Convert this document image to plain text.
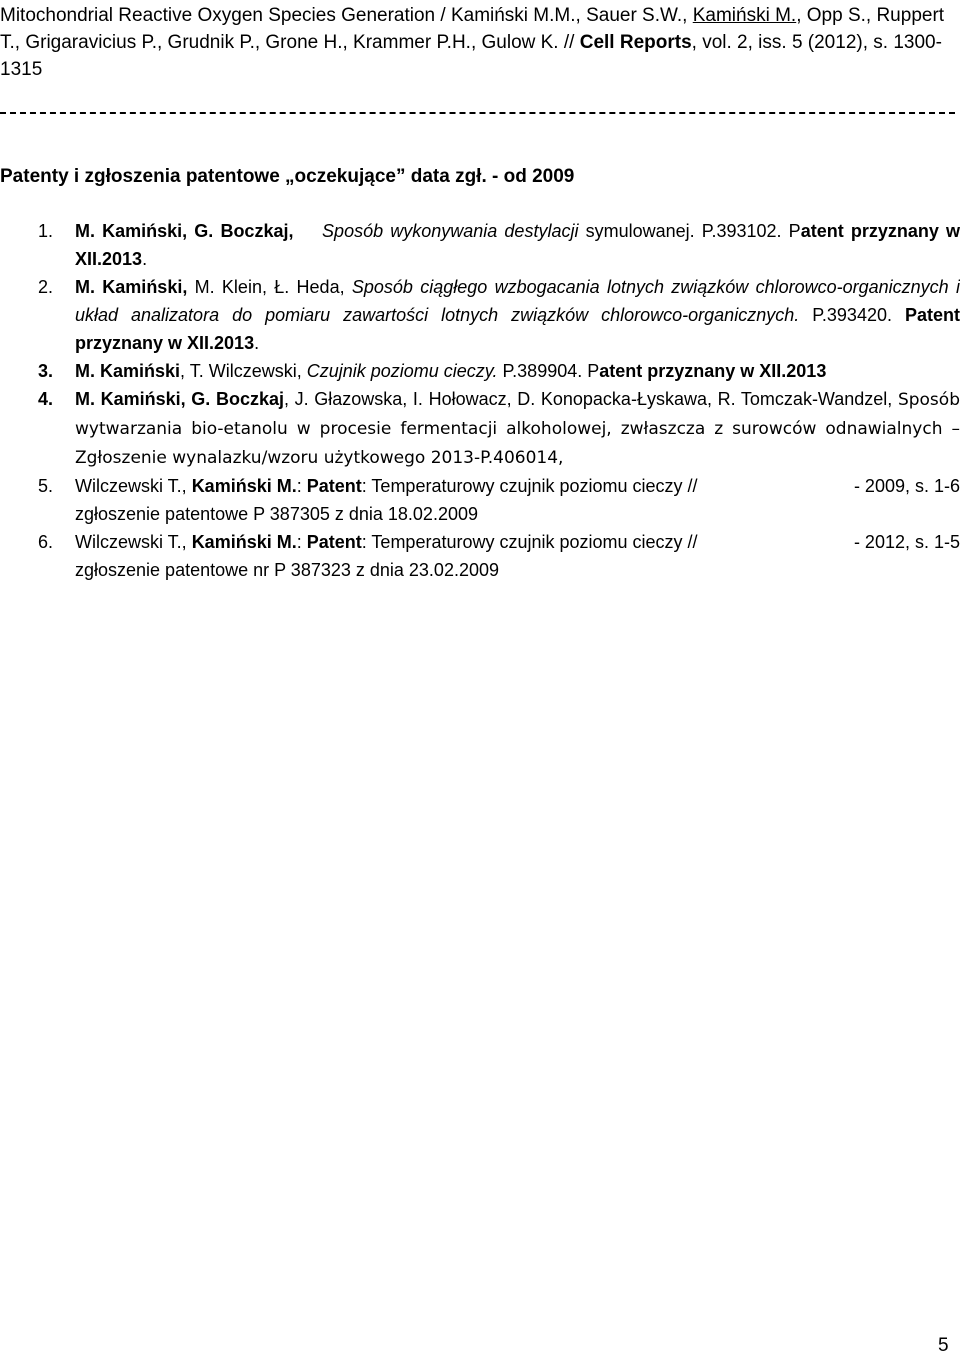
Mitochondrial Reactive Oxygen Species Generation / Kamiński M.M., Sauer S.W., Kamiński M., Opp S., Ruppert T., Grigaravicius P., Grudnik P., Grone H., Krammer P.H., Gulow K. // Cell Reports, vol. 2, iss. 5 (2012), s. 1300-1315
Patenty i zgłoszenia patentowe „oczekujące” data zgł. - od 2009
1. M. Kamiński, G. Boczkaj, Sposób wykonywania destylacji symulowanej. P.393102. Patent przyznany w XII.2013.
2. M. Kamiński, M. Klein, Ł. Heda, Sposób ciągłego wzbogacania lotnych związków chlorowco-organicznych i układ analizatora do pomiaru zawartości lotnych związków chlorowco-organicznych. P.393420. Patent przyznany w XII.2013.
3. M. Kamiński, T. Wilczewski, Czujnik poziomu cieczy. P.389904. Patent przyznany w XII.2013
4. M. Kamiński, G. Boczkaj, J. Głazowska, I. Hołowacz, D. Konopacka-Łyskawa, R. Tomczak-Wandzel, Sposób wytwarzania bio-etanolu w procesie fermentacji alkoholowej, zwłaszcza z surowców odnawialnych – Zgłoszenie wynalazku/wzoru użytkowego 2013-P.406014,
5. Wilczewski T., Kamiński M.: Patent: Temperaturowy czujnik poziomu cieczy //	- 2009, s. 1-6
zgłoszenie patentowe P 387305 z dnia 18.02.2009
6. Wilczewski T., Kamiński M.: Patent: Temperaturowy czujnik poziomu cieczy //	- 2012, s. 1-5
zgłoszenie patentowe nr P 387323 z dnia 23.02.2009
5
